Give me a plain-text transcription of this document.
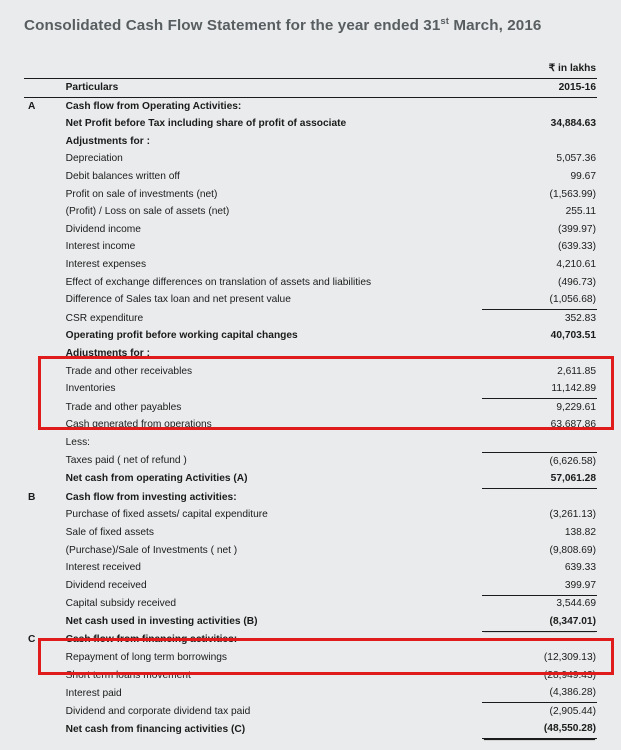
Consolidated Cash Flow Statement for the year ended 31st March, 2016
		₹ in lakhs
	Particulars	2015-16
A	Cash flow from Operating Activities:	
	Net Profit before Tax including share of profit of associate	34,884.63
	Adjustments for :	
	Depreciation	5,057.36
	Debit balances written off	99.67
	Profit on sale of investments (net)	(1,563.99)
	(Profit) / Loss on sale of assets (net)	255.11
	Dividend income	(399.97)
	Interest income	(639.33)
	Interest expenses	4,210.61
	Effect of exchange differences on translation of assets and liabilities	(496.73)
	Difference of Sales tax loan and net present value	(1,056.68)
	CSR expenditure	352.83
	Operating profit before working capital changes	40,703.51
	Adjustments for :	
	Trade and other receivables	2,611.85
	Inventories	11,142.89
	Trade and other payables	9,229.61
	Cash generated from operations	63,687.86
	Less:	
	Taxes paid ( net of refund )	(6,626.58)
	Net cash from operating Activities (A)	57,061.28
B	Cash flow from investing activities:	
	Purchase of fixed assets/ capital expenditure	(3,261.13)
	Sale of fixed assets	138.82
	(Purchase)/Sale of Investments ( net )	(9,808.69)
	Interest received	639.33
	Dividend received	399.97
	Capital subsidy received	3,544.69
	Net cash used in investing activities (B)	(8,347.01)
C	Cash flow from financing activities:	
	Repayment of long term borrowings	(12,309.13)
	Short term loans movement	(28,949.43)
	Interest paid	(4,386.28)
	Dividend and corporate dividend tax paid	(2,905.44)
	Net cash from financing activities (C)	(48,550.28)
